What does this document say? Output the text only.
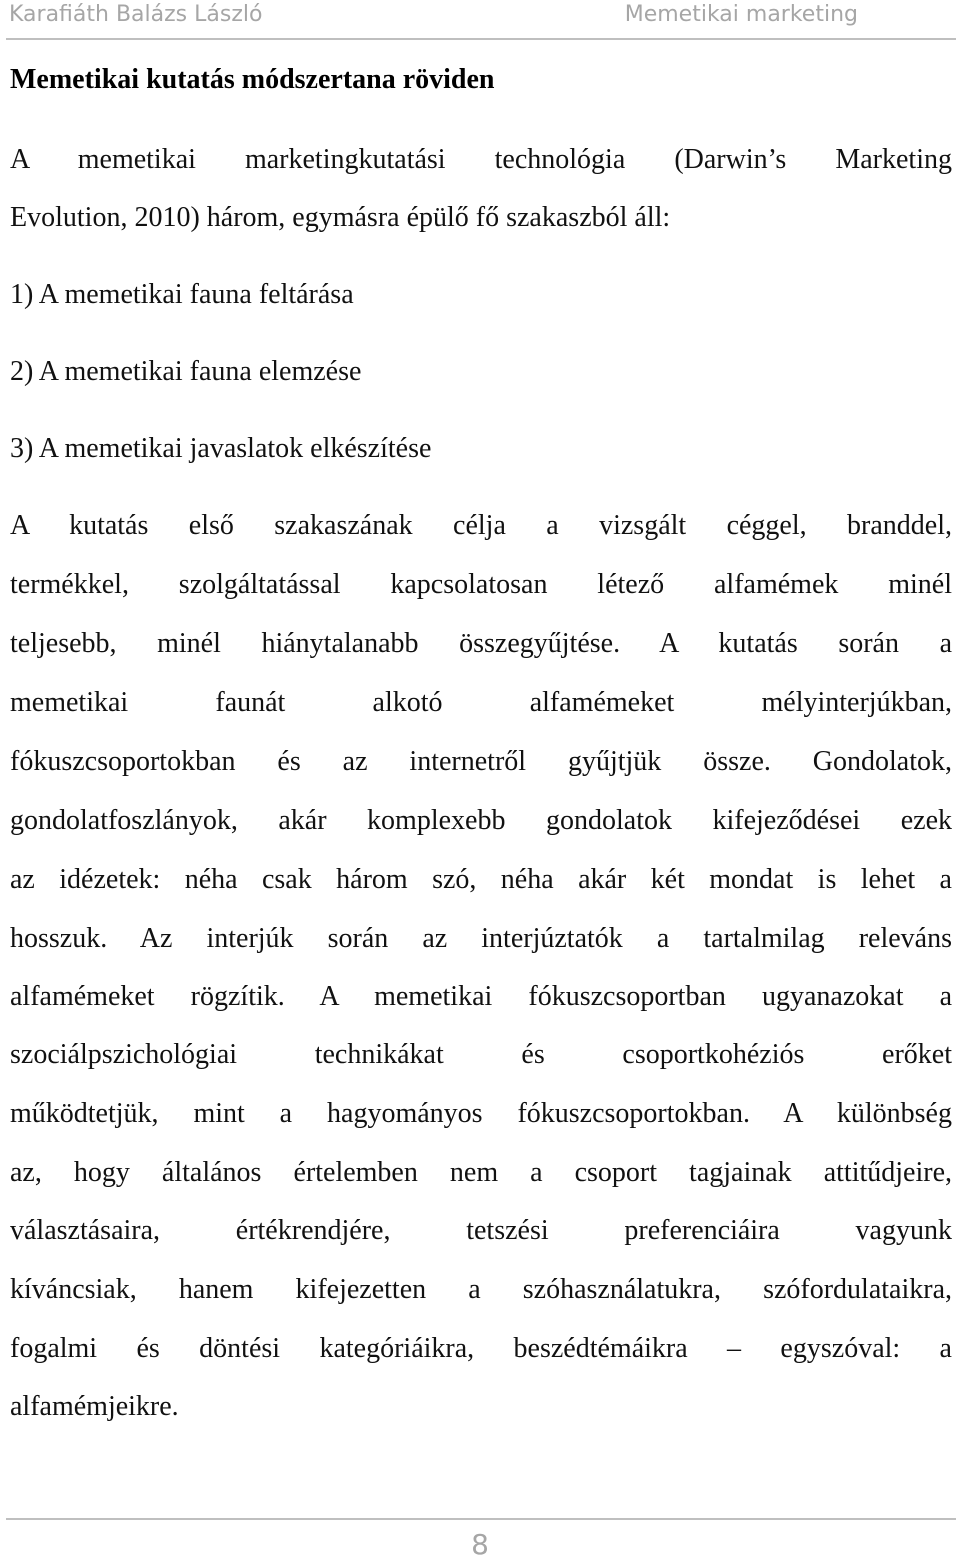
Karafiáth Balázs László	Memetikai marketing
Memetikai kutatás módszertana röviden
A memetikai marketingkutatási technológia (Darwin’s Marketing
Evolution, 2010) három, egymásra épülő fő szakaszból áll:
1) A memetikai fauna feltárása
2) A memetikai fauna elemzése
3) A memetikai javaslatok elkészítése
A kutatás első szakaszának célja a vizsgált céggel, branddel,
termékkel, szolgáltatással kapcsolatosan létező alfamémek minél
teljesebb, minél hiánytalanabb összegyűjtése. A kutatás során a
memetikai faunát alkotó alfamémeket mélyinterjúkban,
fókuszcsoportokban és az internetről gyűjtjük össze. Gondolatok,
gondolatfoszlányok, akár komplexebb gondolatok kifejeződései ezek
az idézetek: néha csak három szó, néha akár két mondat is lehet a
hosszuk. Az interjúk során az interjúztatók a tartalmilag releváns
alfamémeket rögzítik. A memetikai fókuszcsoportban ugyanazokat a
szociálpszichológiai technikákat és csoportkohéziós erőket
működtetjük, mint a hagyományos fókuszcsoportokban. A különbség
az, hogy általános értelemben nem a csoport tagjainak attitűdjeire,
választásaira, értékrendjére, tetszési preferenciáira vagyunk
kíváncsiak, hanem kifejezetten a szóhasználatukra, szófordulataikra,
fogalmi és döntési kategóriáikra, beszédtémáikra – egyszóval: a
alfamémjeikre.
8
